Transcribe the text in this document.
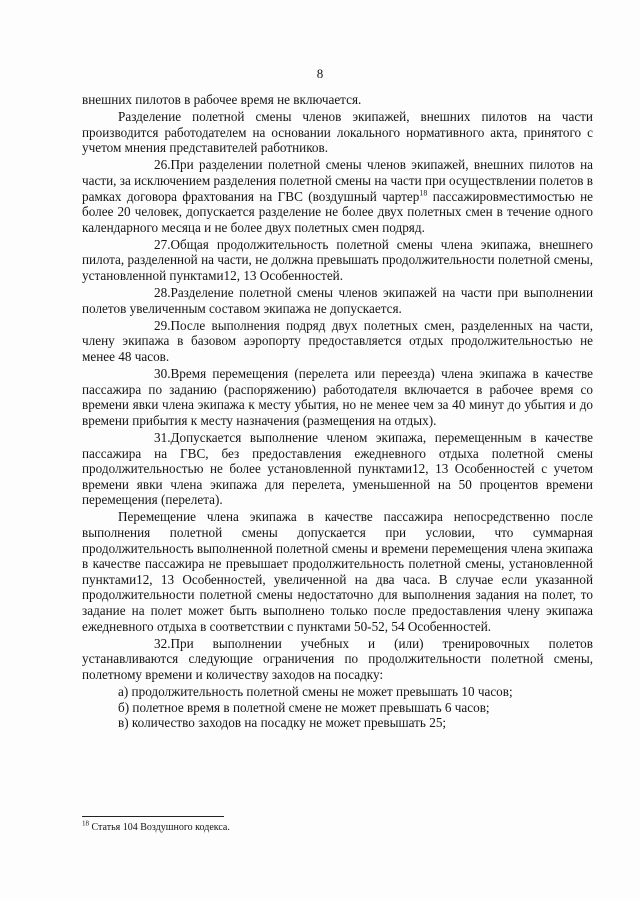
8

внешних пилотов в рабочее время не включается.

Разделение полетной смены членов экипажей, внешних пилотов на части производится работодателем на основании локального нормативного акта, принятого с учетом мнения представителей работников.

26.При разделении полетной смены членов экипажей, внешних пилотов на части, за исключением разделения полетной смены на части при осуществлении полетов в рамках договора фрахтования на ГВС (воздушный чартер$^{18}$ пассажировместимостью не более 20 человек, допускается разделение не более двух полетных смен в течение одного календарного месяца и не более двух полетных смен подряд.

27.Общая продолжительность полетной смены члена экипажа, внешнего пилота, разделенной на части, не должна превышать продолжительности полетной смены, установленной пунктами12, 13 Особенностей.

28.Разделение полетной смены членов экипажей на части при выполнении полетов увеличенным составом экипажа не допускается.

29.После выполнения подряд двух полетных смен, разделенных на части, члену экипажа в базовом аэропорту предоставляется отдых продолжительностью не менее 48 часов.

30.Время перемещения (перелета или переезда) члена экипажа в качестве пассажира по заданию (распоряжению) работодателя включается в рабочее время со времени явки члена экипажа к месту убытия, но не менее чем за 40 минут до убытия и до времени прибытия к месту назначения (размещения на отдых).

31.Допускается выполнение членом экипажа, перемещенным в качестве пассажира на ГВС, без предоставления ежедневного отдыха полетной смены продолжительностью не более установленной пунктами12, 13 Особенностей с учетом времени явки члена экипажа для перелета, уменьшенной на 50 процентов времени перемещения (перелета).

Перемещение члена экипажа в качестве пассажира непосредственно после выполнения полетной смены допускается при условии, что суммарная продолжительность выполненной полетной смены и времени перемещения члена экипажа в качестве пассажира не превышает продолжительность полетной смены, установленной пунктами12, 13 Особенностей, увеличенной на два часа. В случае если указанной продолжительности полетной смены недостаточно для выполнения задания на полет, то задание на полет может быть выполнено только после предоставления члену экипажа ежедневного отдыха в соответствии с пунктами 50-52, 54 Особенностей.

32.При выполнении учебных и (или) тренировочных полетов устанавливаются следующие ограничения по продолжительности полетной смены, полетному времени и количеству заходов на посадку:

а) продолжительность полетной смены не может превышать 10 часов;

б) полетное время в полетной смене не может превышать 6 часов;

в) количество заходов на посадку не может превышать 25;

$^{18}$ Статья 104 Воздушного кодекса.
